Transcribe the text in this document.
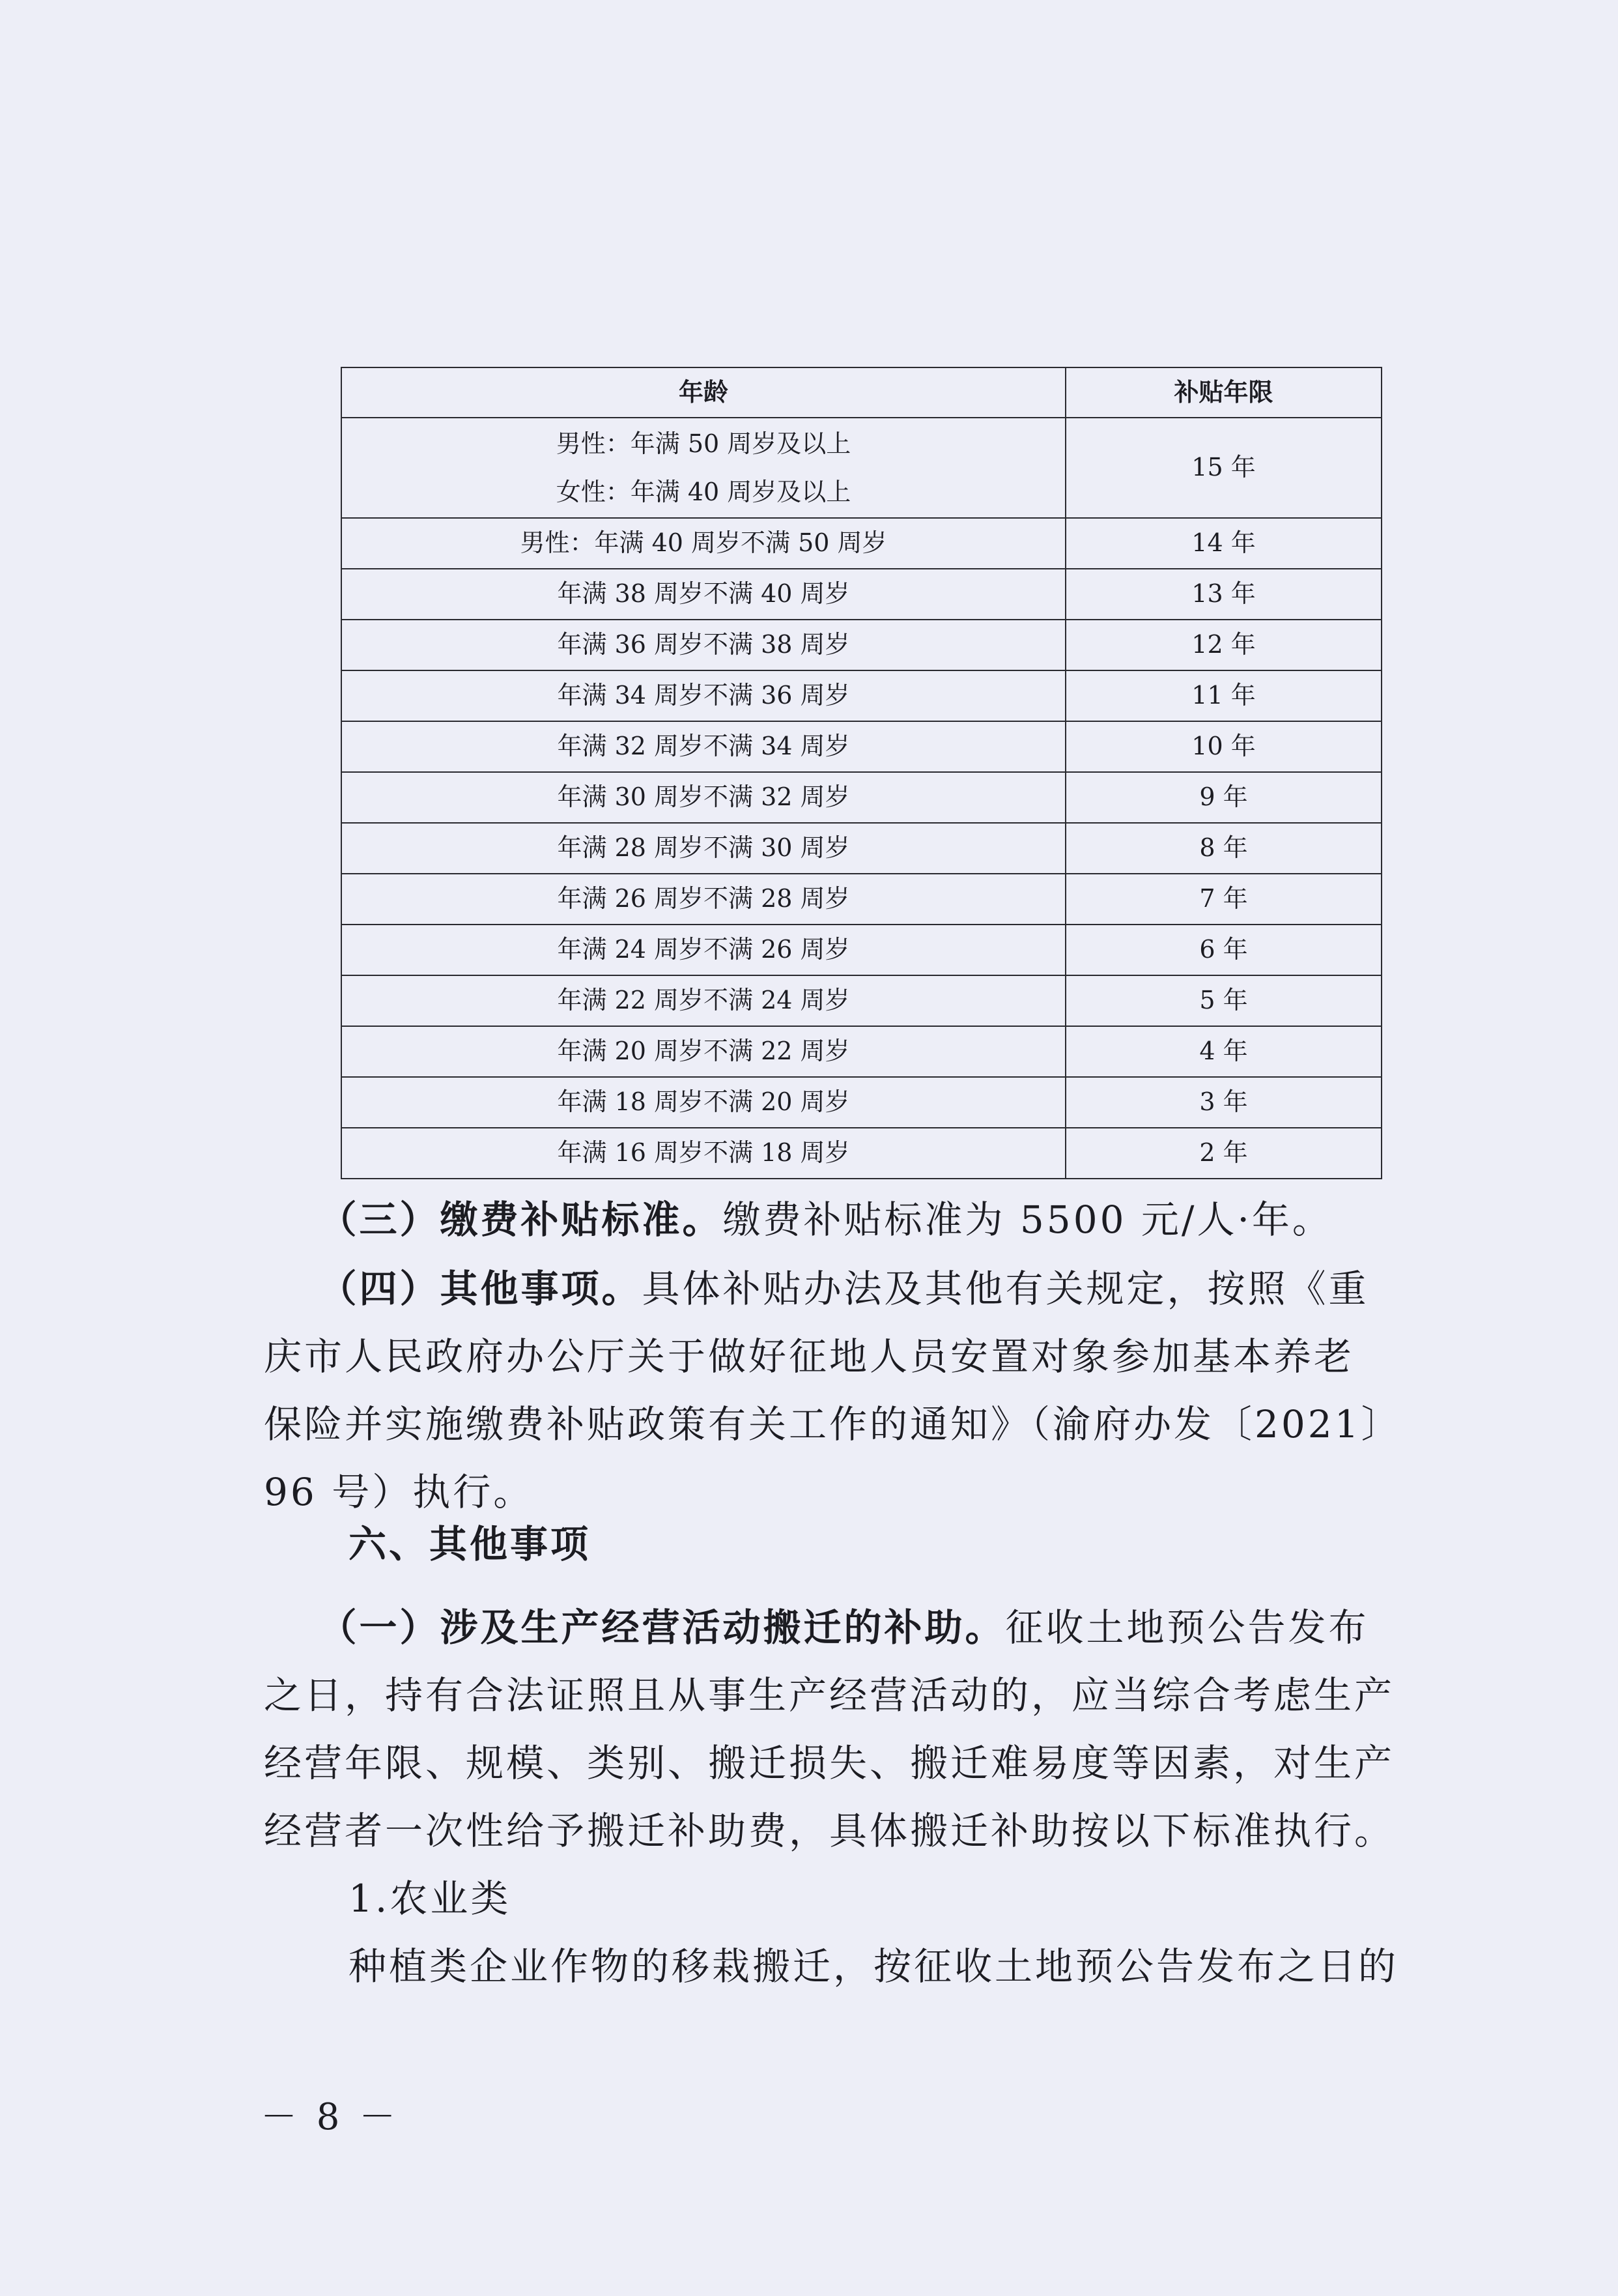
年龄	补贴年限

男性：年满 50 周岁及以上
女性：年满 40 周岁及以上	15 年
男性：年满 40 周岁不满 50 周岁	14 年
年满 38 周岁不满 40 周岁	13 年
年满 36 周岁不满 38 周岁	12 年
年满 34 周岁不满 36 周岁	11 年
年满 32 周岁不满 34 周岁	10 年
年满 30 周岁不满 32 周岁	9 年
年满 28 周岁不满 30 周岁	8 年
年满 26 周岁不满 28 周岁	7 年
年满 24 周岁不满 26 周岁	6 年
年满 22 周岁不满 24 周岁	5 年
年满 20 周岁不满 22 周岁	4 年
年满 18 周岁不满 20 周岁	3 年
年满 16 周岁不满 18 周岁	2 年
　 （三）缴费补贴标准。缴费补贴标准为 5500 元/人·年。
　 （四）其他事项。具体补贴办法及其他有关规定，按照《重
庆市人民政府办公厅关于做好征地人员安置对象参加基本养老
保险并实施缴费补贴政策有关工作的通知》（渝府办发〔2021〕
96 号）执行。
六、其他事项
　 （一）涉及生产经营活动搬迁的补助。征收土地预公告发布
之日，持有合法证照且从事生产经营活动的，应当综合考虑生产
经营年限、规模、类别、搬迁损失、搬迁难易度等因素，对生产
经营者一次性给予搬迁补助费，具体搬迁补助按以下标准执行。
1.农业类
种植类企业作物的移栽搬迁，按征收土地预公告发布之日的
－ 8 －
